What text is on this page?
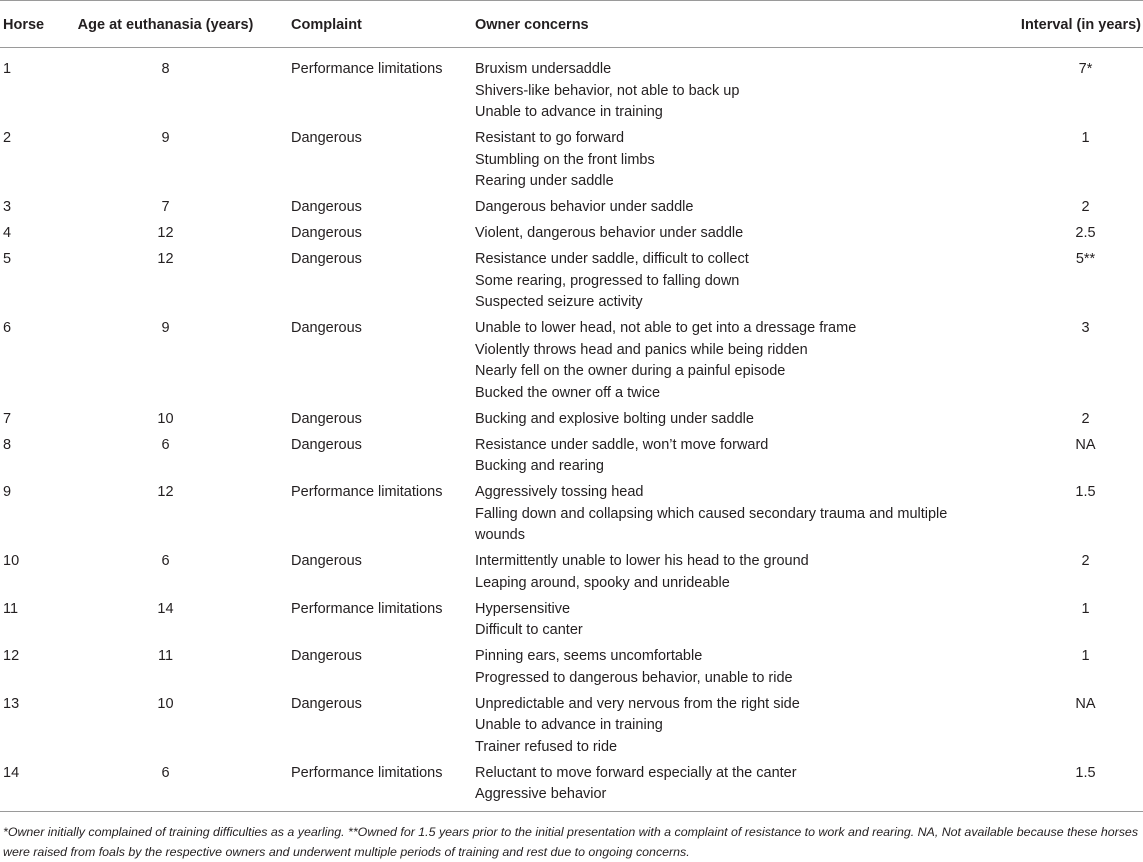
Horse	Age at euthanasia (years)	Complaint	Owner concerns	Interval (in years)
1	8	Performance limitations	Bruxism undersaddle
Shivers-like behavior, not able to back up
Unable to advance in training	7*
2	9	Dangerous	Resistant to go forward
Stumbling on the front limbs
Rearing under saddle	1
3	7	Dangerous	Dangerous behavior under saddle	2
4	12	Dangerous	Violent, dangerous behavior under saddle	2.5
5	12	Dangerous	Resistance under saddle, difficult to collect
Some rearing, progressed to falling down
Suspected seizure activity	5**
6	9	Dangerous	Unable to lower head, not able to get into a dressage frame
Violently throws head and panics while being ridden
Nearly fell on the owner during a painful episode
Bucked the owner off a twice	3
7	10	Dangerous	Bucking and explosive bolting under saddle	2
8	6	Dangerous	Resistance under saddle, won’t move forward
Bucking and rearing	NA
9	12	Performance limitations	Aggressively tossing head
Falling down and collapsing which caused secondary trauma and multiple wounds	1.5
10	6	Dangerous	Intermittently unable to lower his head to the ground
Leaping around, spooky and unrideable	2
11	14	Performance limitations	Hypersensitive
Difficult to canter	1
12	11	Dangerous	Pinning ears, seems uncomfortable
Progressed to dangerous behavior, unable to ride	1
13	10	Dangerous	Unpredictable and very nervous from the right side
Unable to advance in training
Trainer refused to ride	NA
14	6	Performance limitations	Reluctant to move forward especially at the canter
Aggressive behavior	1.5
*Owner initially complained of training difficulties as a yearling. **Owned for 1.5 years prior to the initial presentation with a complaint of resistance to work and rearing. NA, Not available because these horses were raised from foals by the respective owners and underwent multiple periods of training and rest due to ongoing concerns.
